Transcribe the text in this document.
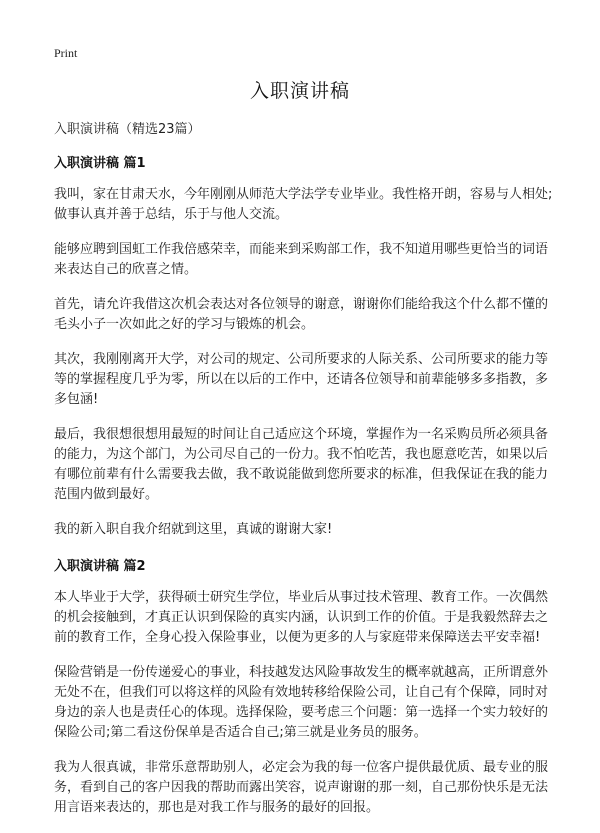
Print
入职演讲稿

入职演讲稿（精选23篇）

入职演讲稿 篇1

我叫，家在甘肃天水，今年刚刚从师范大学法学专业毕业。我性格开朗，容易与人相处;做事认真并善于总结，乐于与他人交流。

能够应聘到国虹工作我倍感荣幸，而能来到采购部工作，我不知道用哪些更恰当的词语来表达自己的欣喜之情。

首先，请允许我借这次机会表达对各位领导的谢意，谢谢你们能给我这个什么都不懂的毛头小子一次如此之好的学习与锻炼的机会。

其次，我刚刚离开大学，对公司的规定、公司所要求的人际关系、公司所要求的能力等等的掌握程度几乎为零，所以在以后的工作中，还请各位领导和前辈能够多多指教，多多包涵!

最后，我很想很想用最短的时间让自己适应这个环境，掌握作为一名采购员所必须具备的能力，为这个部门，为公司尽自己的一份力。我不怕吃苦，我也愿意吃苦，如果以后有哪位前辈有什么需要我去做，我不敢说能做到您所要求的标准，但我保证在我的能力范围内做到最好。

我的新入职自我介绍就到这里，真诚的谢谢大家!

入职演讲稿 篇2

本人毕业于大学，获得硕士研究生学位，毕业后从事过技术管理、教育工作。一次偶然的机会接触到，才真正认识到保险的真实内涵，认识到工作的价值。于是我毅然辞去之前的教育工作，全身心投入保险事业，以便为更多的人与家庭带来保障送去平安幸福!

保险营销是一份传递爱心的事业，科技越发达风险事故发生的概率就越高，正所谓意外无处不在，但我们可以将这样的风险有效地转移给保险公司，让自己有个保障，同时对身边的亲人也是责任心的体现。选择保险，要考虑三个问题：第一选择一个实力较好的保险公司;第二看这份保单是否适合自己;第三就是业务员的服务。

我为人很真诚，非常乐意帮助别人，必定会为我的每一位客户提供最优质、最专业的服务，看到自己的客户因我的帮助而露出笑容，说声谢谢的那一刻，自己那份快乐是无法用言语来表达的，那也是对我工作与服务的最好的回报。
